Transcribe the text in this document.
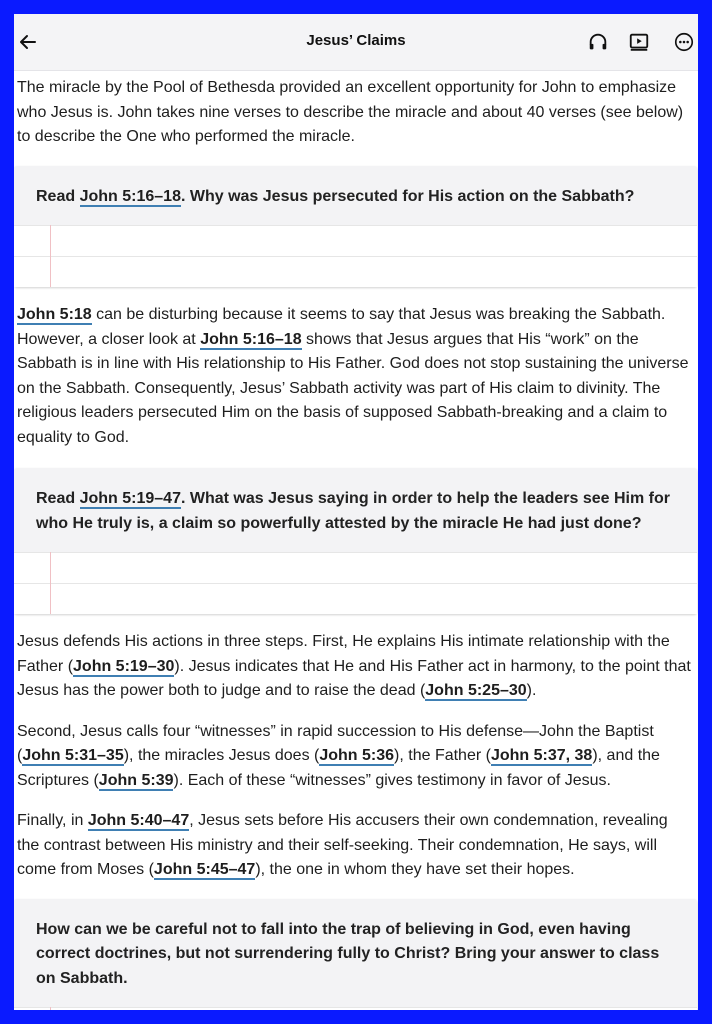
Jesus’ Claims

The miracle by the Pool of Bethesda provided an excellent opportunity for John to emphasize who Jesus is. John takes nine verses to describe the miracle and about 40 verses (see below) to describe the One who performed the miracle.

Read John 5:16–18. Why was Jesus persecuted for His action on the Sabbath?

John 5:18 can be disturbing because it seems to say that Jesus was breaking the Sabbath. However, a closer look at John 5:16–18 shows that Jesus argues that His “work” on the Sabbath is in line with His relationship to His Father. God does not stop sustaining the universe on the Sabbath. Consequently, Jesus’ Sabbath activity was part of His claim to divinity. The religious leaders persecuted Him on the basis of supposed Sabbath-breaking and a claim to equality to God.

Read John 5:19–47. What was Jesus saying in order to help the leaders see Him for who He truly is, a claim so powerfully attested by the miracle He had just done?

Jesus defends His actions in three steps. First, He explains His intimate relationship with the Father (John 5:19–30). Jesus indicates that He and His Father act in harmony, to the point that Jesus has the power both to judge and to raise the dead (John 5:25–30).

Second, Jesus calls four “witnesses” in rapid succession to His defense—John the Baptist (John 5:31–35), the miracles Jesus does (John 5:36), the Father (John 5:37, 38), and the Scriptures (John 5:39). Each of these “witnesses” gives testimony in favor of Jesus.

Finally, in John 5:40–47, Jesus sets before His accusers their own condemnation, revealing the contrast between His ministry and their self-seeking. Their condemnation, He says, will come from Moses (John 5:45–47), the one in whom they have set their hopes.

How can we be careful not to fall into the trap of believing in God, even having correct doctrines, but not surrendering fully to Christ? Bring your answer to class on Sabbath.
